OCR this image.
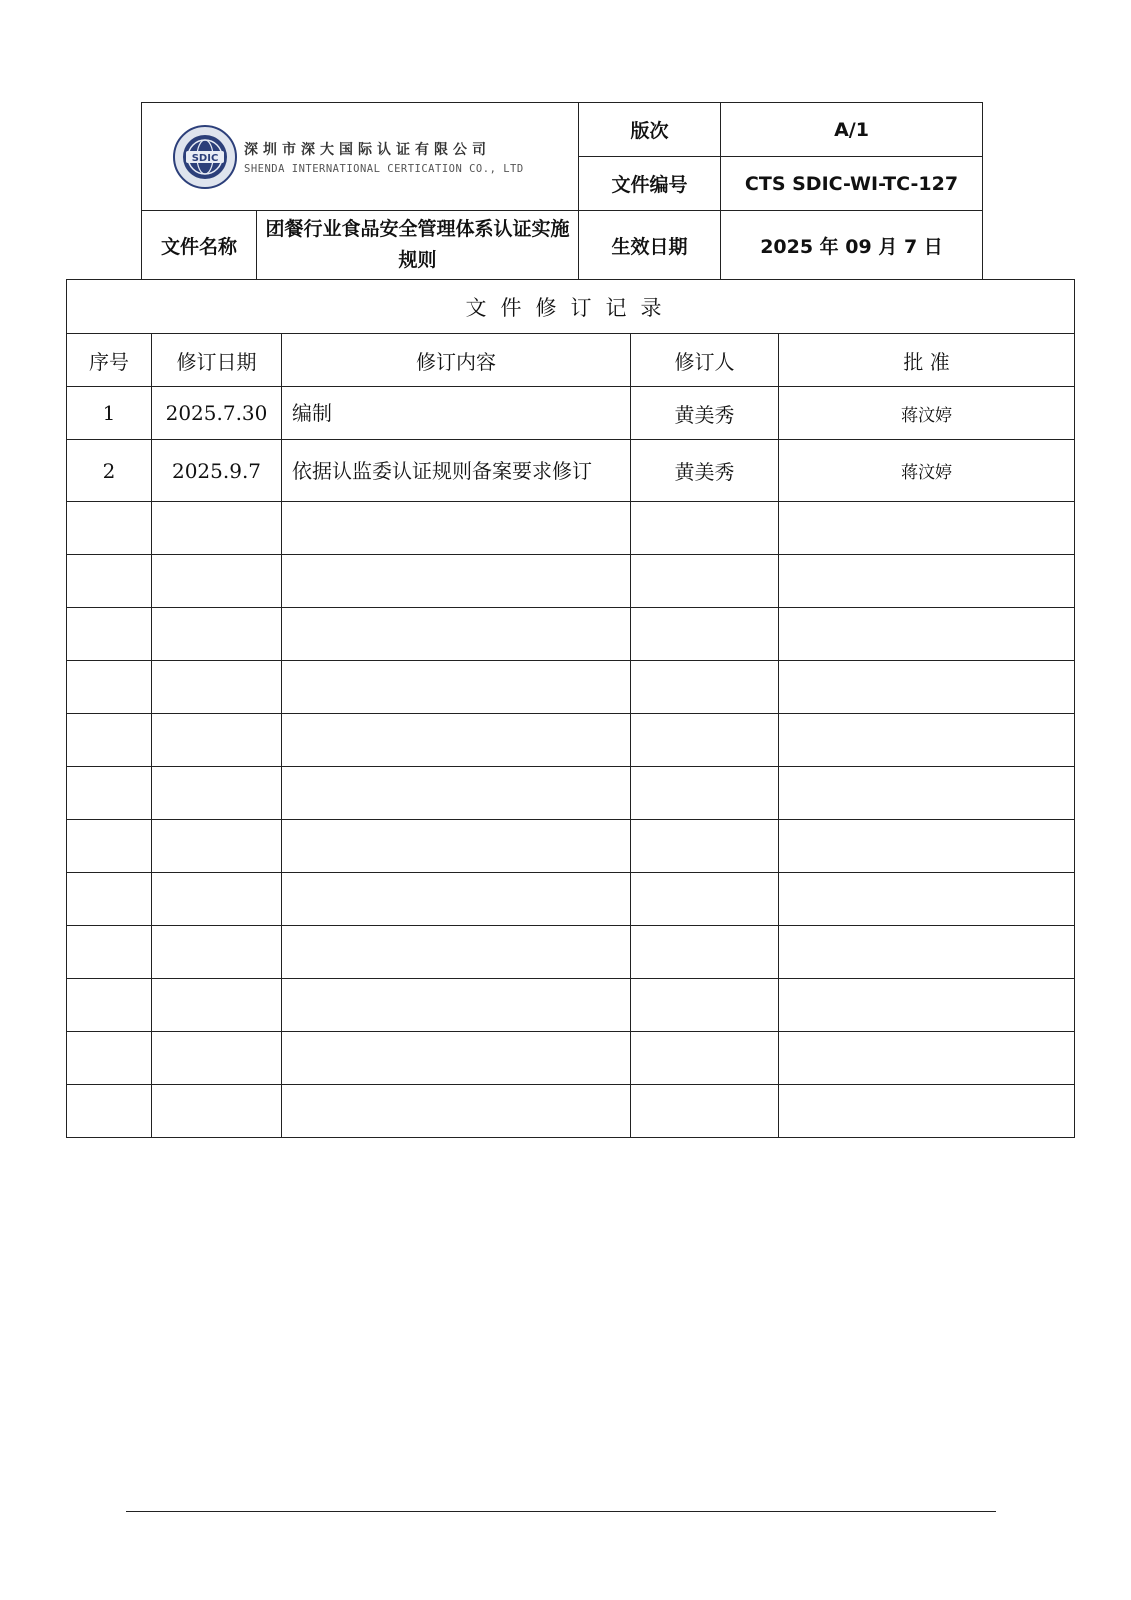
SDIC
深圳市深大国际认证有限公司
SHENDA INTERNATIONAL CERTICATION CO., LTD		版次	A/1
		文件编号	CTS SDIC-WI-TC-127
文件名称	团餐行业食品安全管理体系认证实施规则	生效日期	2025 年 09 月 7 日
文件修订记录				
序号	修订日期	修订内容	修订人	批 准
1	2025.7.30	编制	黄美秀	蒋汶婷
2	2025.9.7	依据认监委认证规则备案要求修订	黄美秀	蒋汶婷
